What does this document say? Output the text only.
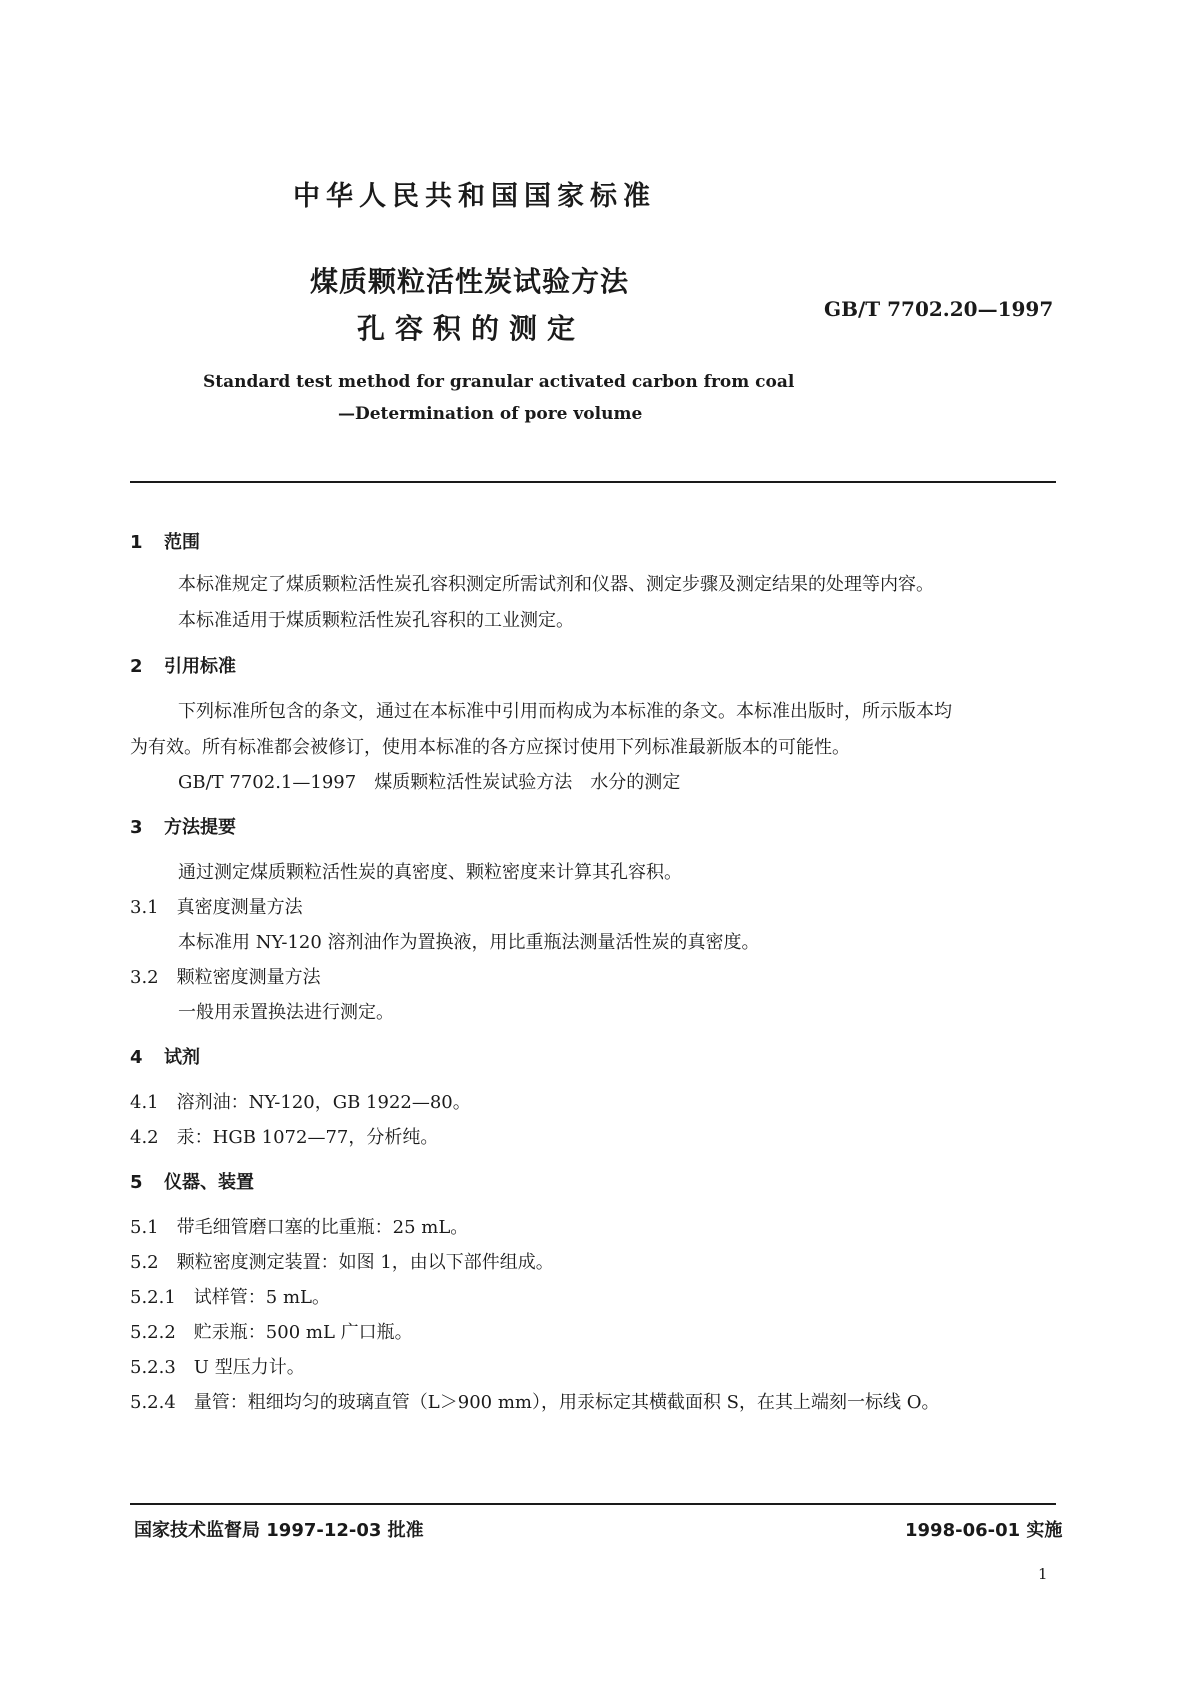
中华人民共和国国家标准
煤质颗粒活性炭试验方法
孔容积的测定
GB/T 7702.20—1997
Standard test method for granular activated carbon from coal
—Determination of pore volume
1 范围
本标准规定了煤质颗粒活性炭孔容积测定所需试剂和仪器、测定步骤及测定结果的处理等内容。
本标准适用于煤质颗粒活性炭孔容积的工业测定。
2 引用标准
下列标准所包含的条文，通过在本标准中引用而构成为本标准的条文。本标准出版时，所示版本均
为有效。所有标准都会被修订，使用本标准的各方应探讨使用下列标准最新版本的可能性。
GB/T 7702.1—1997　煤质颗粒活性炭试验方法　水分的测定
3 方法提要
通过测定煤质颗粒活性炭的真密度、颗粒密度来计算其孔容积。
3.1　真密度测量方法
本标准用 NY-120 溶剂油作为置换液，用比重瓶法测量活性炭的真密度。
3.2　颗粒密度测量方法
一般用汞置换法进行测定。
4 试剂
4.1　溶剂油：NY-120，GB 1922—80。
4.2　汞：HGB 1072—77，分析纯。
5 仪器、装置
5.1　带毛细管磨口塞的比重瓶：25 mL。
5.2　颗粒密度测定装置：如图 1，由以下部件组成。
5.2.1　试样管：5 mL。
5.2.2　贮汞瓶：500 mL 广口瓶。
5.2.3　U 型压力计。
5.2.4　量管：粗细均匀的玻璃直管（L＞900 mm），用汞标定其横截面积 S，在其上端刻一标线 O。
国家技术监督局 1997-12-03 批准	1998-06-01 实施
1
